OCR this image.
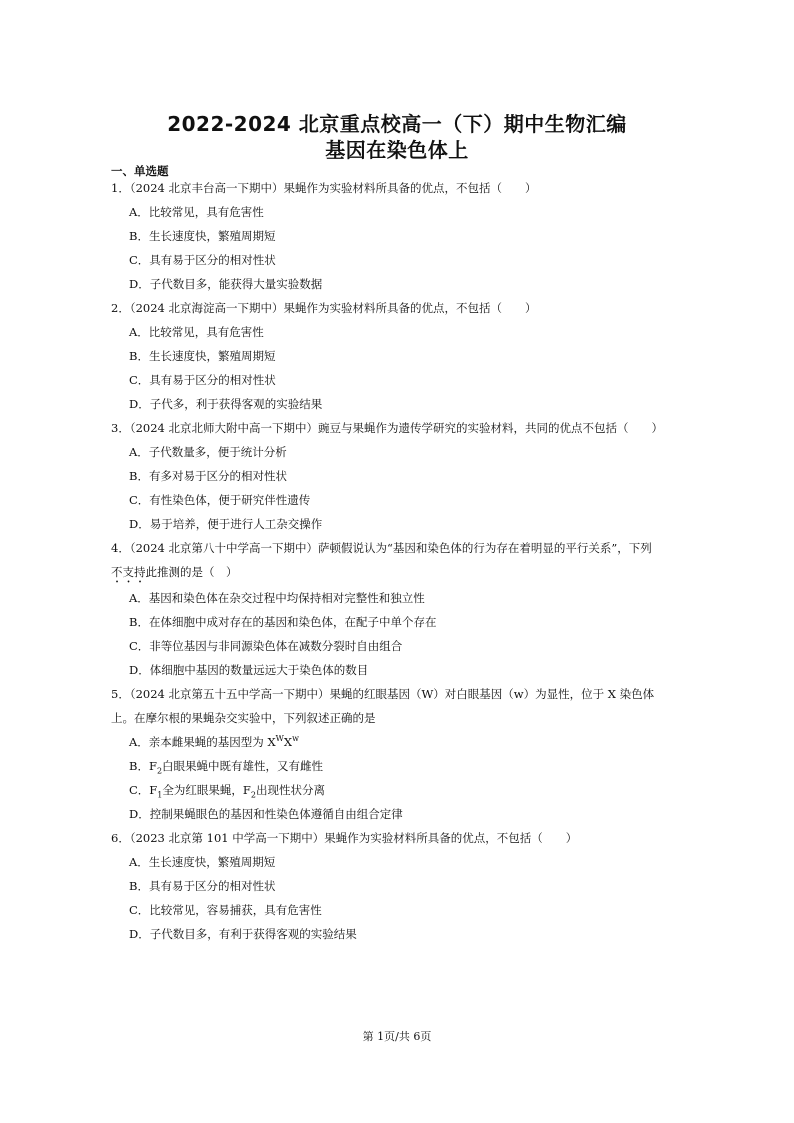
2022-2024 北京重点校高一（下）期中生物汇编
基因在染色体上
一、单选题

1．（2024 北京丰台高一下期中）果蝇作为实验材料所具备的优点，不包括（　　）

A．比较常见，具有危害性

B．生长速度快，繁殖周期短

C．具有易于区分的相对性状

D．子代数目多，能获得大量实验数据

2．（2024 北京海淀高一下期中）果蝇作为实验材料所具备的优点，不包括（　　）

A．比较常见，具有危害性

B．生长速度快，繁殖周期短

C．具有易于区分的相对性状

D．子代多，利于获得客观的实验结果

3．（2024 北京北师大附中高一下期中）豌豆与果蝇作为遗传学研究的实验材料，共同的优点不包括（　　）

A．子代数量多，便于统计分析

B．有多对易于区分的相对性状

C．有性染色体，便于研究伴性遗传

D．易于培养，便于进行人工杂交操作

4．（2024 北京第八十中学高一下期中）萨顿假说认为“基因和染色体的行为存在着明显的平行关系”，下列

不支持此推测的是（　）

A．基因和染色体在杂交过程中均保持相对完整性和独立性

B．在体细胞中成对存在的基因和染色体，在配子中单个存在

C．非等位基因与非同源染色体在减数分裂时自由组合

D．体细胞中基因的数量远远大于染色体的数目

5．（2024 北京第五十五中学高一下期中）果蝇的红眼基因（W）对白眼基因（w）为显性，位于 X 染色体

上。在摩尔根的果蝇杂交实验中，下列叙述正确的是

A．亲本雌果蝇的基因型为 $X^WX^w$

B．$F_2$白眼果蝇中既有雄性，又有雌性

C．$F_1$全为红眼果蝇，$F_2$出现性状分离

D．控制果蝇眼色的基因和性染色体遵循自由组合定律

6．（2023 北京第 101 中学高一下期中）果蝇作为实验材料所具备的优点，不包括（　　）

A．生长速度快，繁殖周期短

B．具有易于区分的相对性状

C．比较常见，容易捕获，具有危害性

D．子代数目多，有利于获得客观的实验结果

第 1页/共 6页
